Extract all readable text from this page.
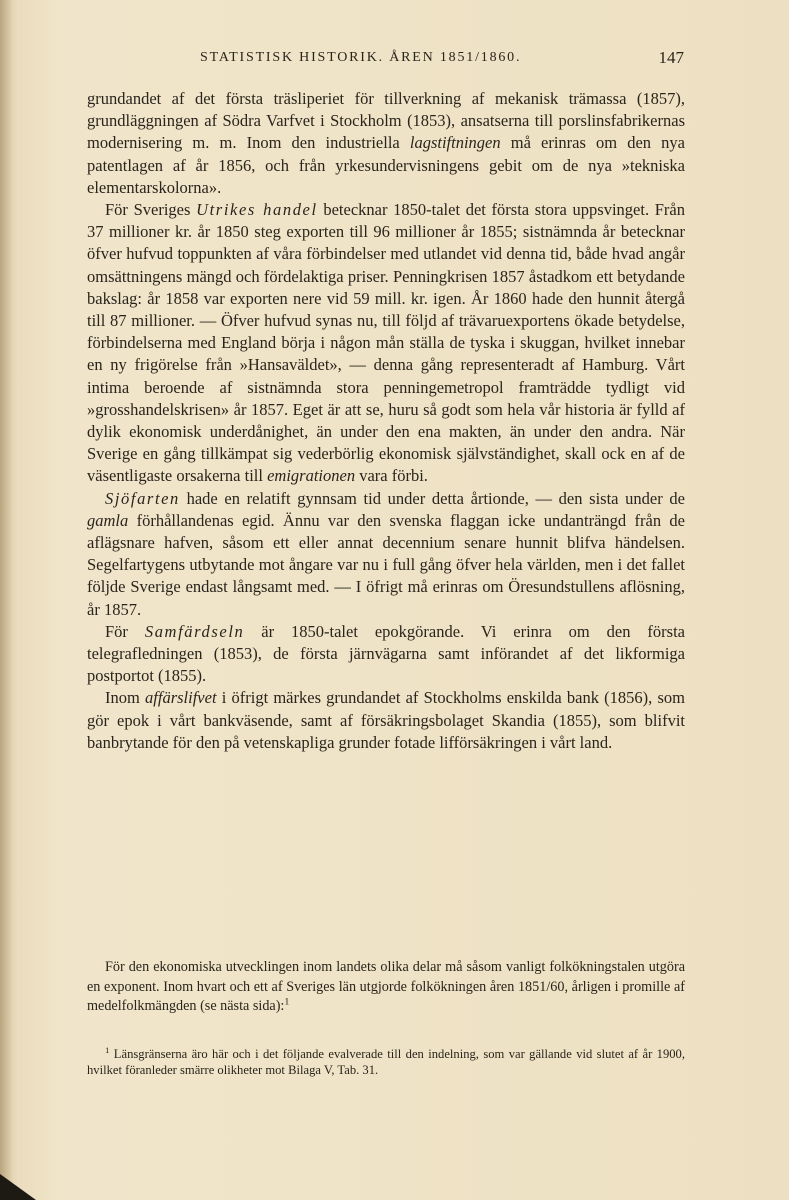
STATISTISK HISTORIK. ÅREN 1851/1860.	147

grundandet af det första träsliperiet för tillverkning af mekanisk trämassa (1857), grundläggningen af Södra Varfvet i Stockholm (1853), ansatserna till porslinsfabrikernas modernisering m. m. Inom den industriella lagstiftningen må erinras om den nya patentlagen af år 1856, och från yrkesundervisningens gebit om de nya »tekniska elementarskolorna».

För Sveriges Utrikes handel betecknar 1850-talet det första stora uppsvinget. Från 37 millioner kr. år 1850 steg exporten till 96 millioner år 1855; sistnämnda år betecknar öfver hufvud toppunkten af våra förbindelser med utlandet vid denna tid, både hvad angår omsättningens mängd och fördelaktiga priser. Penningkrisen 1857 åstadkom ett betydande bakslag: år 1858 var exporten nere vid 59 mill. kr. igen. År 1860 hade den hunnit återgå till 87 millioner. — Öfver hufvud synas nu, till följd af trävaruexportens ökade betydelse, förbindelserna med England börja i någon mån ställa de tyska i skuggan, hvilket innebar en ny frigörelse från »Hansaväldet», — denna gång representeradt af Hamburg. Vårt intima beroende af sistnämnda stora penningemetropol framträdde tydligt vid »grosshandelskrisen» år 1857. Eget är att se, huru så godt som hela vår historia är fylld af dylik ekonomisk underdånighet, än under den ena makten, än under den andra. När Sverige en gång tillkämpat sig vederbörlig ekonomisk självständighet, skall ock en af de väsentligaste orsakerna till emigrationen vara förbi.

Sjöfarten hade en relatift gynnsam tid under detta årtionde, — den sista under de gamla förhållandenas egid. Ännu var den svenska flaggan icke undanträngd från de aflägsnare hafven, såsom ett eller annat decennium senare hunnit blifva händelsen. Segelfartygens utbytande mot ångare var nu i full gång öfver hela världen, men i det fallet följde Sverige endast långsamt med. — I öfrigt må erinras om Öresundstullens aflösning, år 1857.

För Samfärdseln är 1850-talet epokgörande. Vi erinra om den första telegrafledningen (1853), de första järnvägarna samt införandet af det likformiga postportot (1855).

Inom affärslifvet i öfrigt märkes grundandet af Stockholms enskilda bank (1856), som gör epok i vårt bankväsende, samt af försäkringsbolaget Skandia (1855), som blifvit banbrytande för den på vetenskapliga grunder fotade lifförsäkringen i vårt land.

För den ekonomiska utvecklingen inom landets olika delar må såsom vanligt folkökningstalen utgöra en exponent. Inom hvart och ett af Sveriges län utgjorde folkökningen åren 1851/60, årligen i promille af medelfolkmängden (se nästa sida):$^1$

$^1$ Länsgränserna äro här och i det följande evalverade till den indelning, som var gällande vid slutet af år 1900, hvilket föranleder smärre olikheter mot Bilaga V, Tab. 31.
